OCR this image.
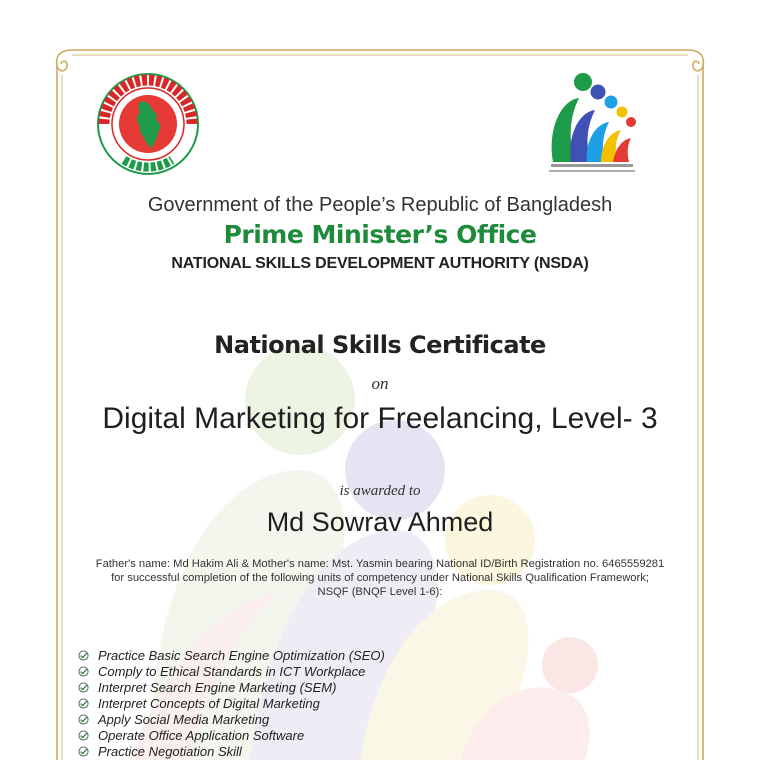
Government of the People’s Republic of Bangladesh
Prime Minister’s Office
NATIONAL SKILLS DEVELOPMENT AUTHORITY (NSDA)
National Skills Certificate
on
Digital Marketing for Freelancing, Level- 3
is awarded to
Md Sowrav Ahmed
Father's name: Md Hakim Ali & Mother's name: Mst. Yasmin bearing National ID/Birth Registration no. 6465559281 for successful completion of the following units of competency under National Skills Qualification Framework; NSQF (BNQF Level 1-6):
Practice Basic Search Engine Optimization (SEO)
Comply to Ethical Standards in ICT Workplace
Interpret Search Engine Marketing (SEM)
Interpret Concepts of Digital Marketing
Apply Social Media Marketing
Operate Office Application Software
Practice Negotiation Skill
